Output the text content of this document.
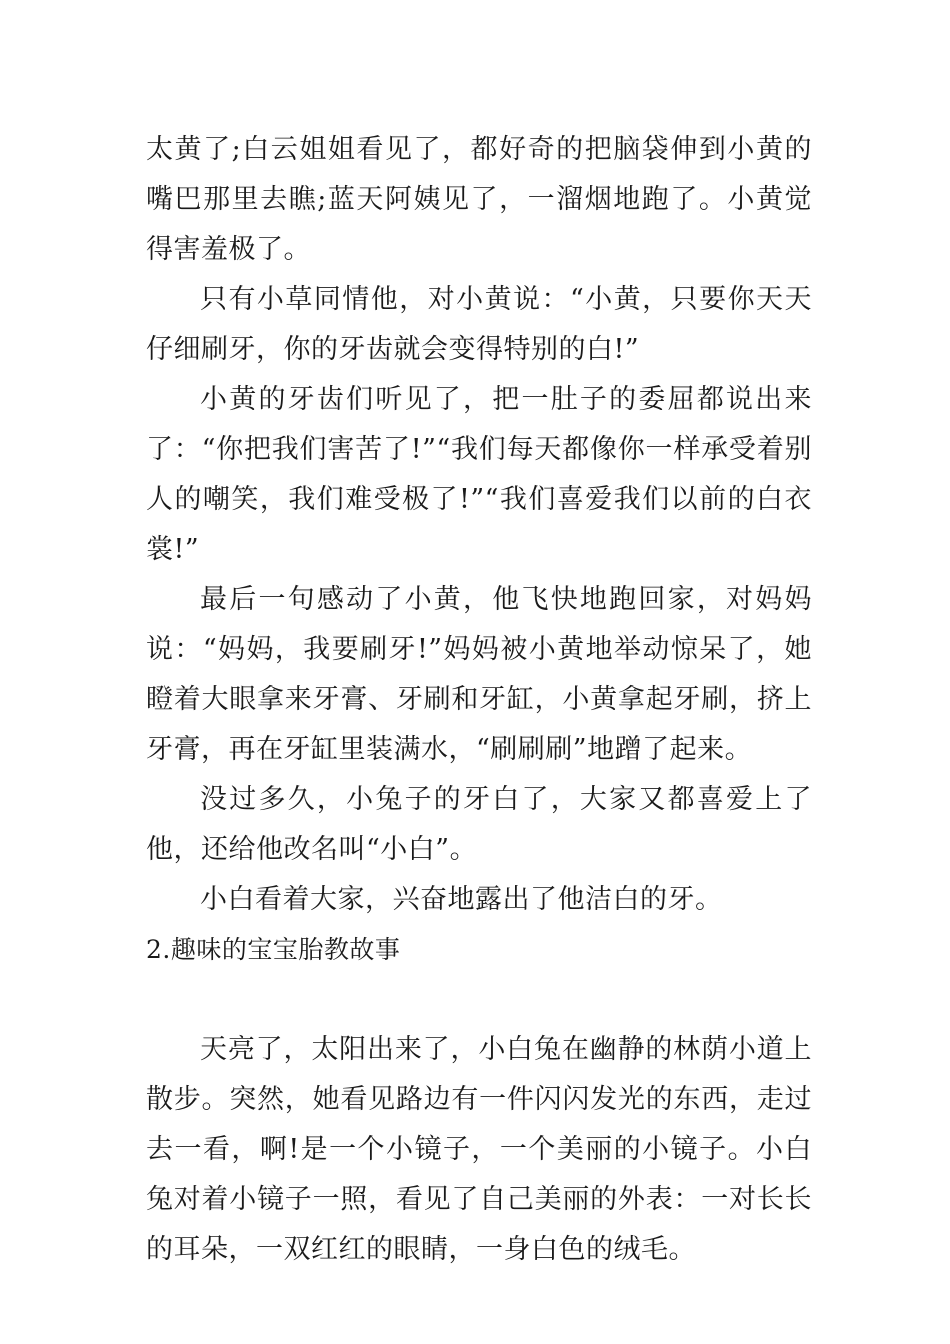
太黄了;白云姐姐看见了，都好奇的把脑袋伸到小黄的嘴巴那里去瞧;蓝天阿姨见了，一溜烟地跑了。小黄觉得害羞极了。

只有小草同情他，对小黄说：“小黄，只要你天天仔细刷牙，你的牙齿就会变得特别的白!”

小黄的牙齿们听见了，把一肚子的委屈都说出来了：“你把我们害苦了!”“我们每天都像你一样承受着别人的嘲笑，我们难受极了!”“我们喜爱我们以前的白衣裳!”

最后一句感动了小黄，他飞快地跑回家，对妈妈说：“妈妈，我要刷牙!”妈妈被小黄地举动惊呆了，她瞪着大眼拿来牙膏、牙刷和牙缸，小黄拿起牙刷，挤上牙膏，再在牙缸里装满水，“刷刷刷”地蹭了起来。

没过多久，小兔子的牙白了，大家又都喜爱上了他，还给他改名叫“小白”。

小白看着大家，兴奋地露出了他洁白的牙。

2.趣味的宝宝胎教故事

天亮了，太阳出来了，小白兔在幽静的林荫小道上散步。突然，她看见路边有一件闪闪发光的东西，走过去一看，啊!是一个小镜子，一个美丽的小镜子。小白兔对着小镜子一照，看见了自己美丽的外表：一对长长的耳朵，一双红红的眼睛，一身白色的绒毛。
